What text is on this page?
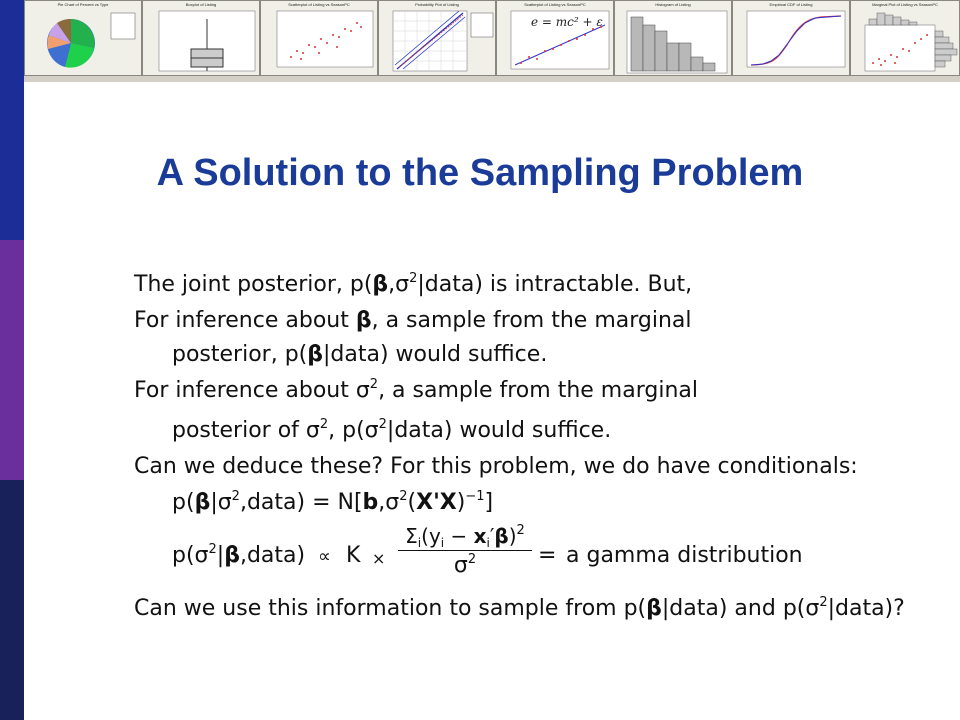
Pie Chart of Percent vs Type	Boxplot of Listing	Scatterplot of Listing vs SeasonPC	Probability Plot of Listing	Scatterplot of Listing vs SeasonPC
e = mc² + ε
Histogram of Listing	Empirical CDF of Listing	Marginal Plot of Listing vs SeasonPC
A Solution to the Sampling Problem
The joint posterior, $p(\beta,\sigma^2|data)$ is intractable. But,
For inference about β, a sample from the marginal
posterior, p(β|data) would suffice.
For inference about $\sigma^2$, a sample from the marginal
posterior of $\sigma^2$, $p(\sigma^2|data)$ would suffice.
Can we deduce these? For this problem, we do have conditionals:
$p(\beta|\sigma^2,data) = N[b,\sigma^2(X'X)^{-1}]$
$p(\sigma^2|\beta,data) \propto K$ ×
$\Sigma_i(y_i - x_i'\beta)^2$
$\sigma^2$	= a gamma distribution
Can we use this information to sample from p(β|data) and $p(\sigma^2|data)$?
